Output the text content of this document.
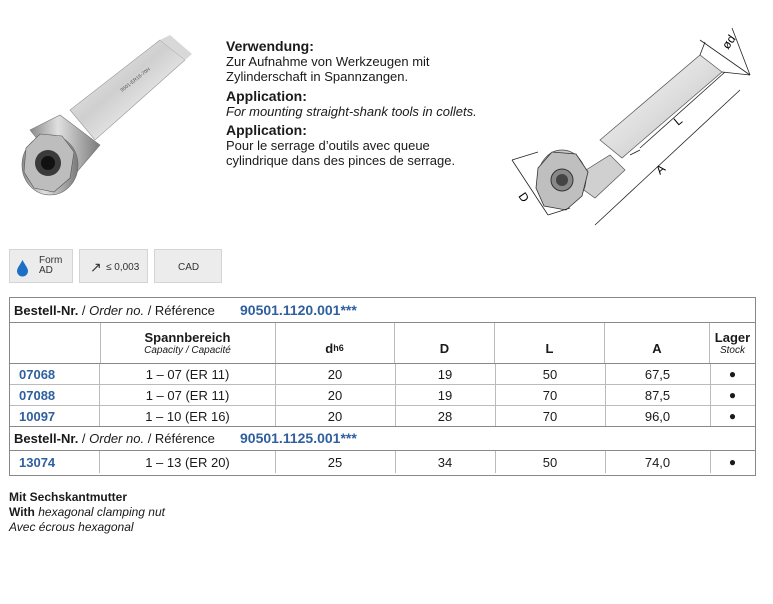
9501-ER16-70H
Verwendung:
Zur Aufnahme von Werkzeugen mit
Zylinderschaft in Spannzangen.
Application:
For mounting straight-shank tools in collets.
Application:
Pour le serrage d’outils avec queue
cylindrique dans des pinces de serrage.
ød
L
A
D
Form
AD	↗ ≤ 0,003	CAD
Bestell-Nr. / Order no. / Référence 90501.1120.001***
Spannbereich
Capacity / Capacité	d h6	D	L	A
Lager
Stock
07068	1 – 07 (ER 11)	20	19	50	67,5	●
07088	1 – 07 (ER 11)	20	19	70	87,5	●
10097	1 – 10 (ER 16)	20	28	70	96,0	●
Bestell-Nr. / Order no. / Référence 90501.1125.001***
13074	1 – 13 (ER 20)	25	34	50	74,0	●
Mit Sechskantmutter
With hexagonal clamping nut
Avec écrous hexagonal
